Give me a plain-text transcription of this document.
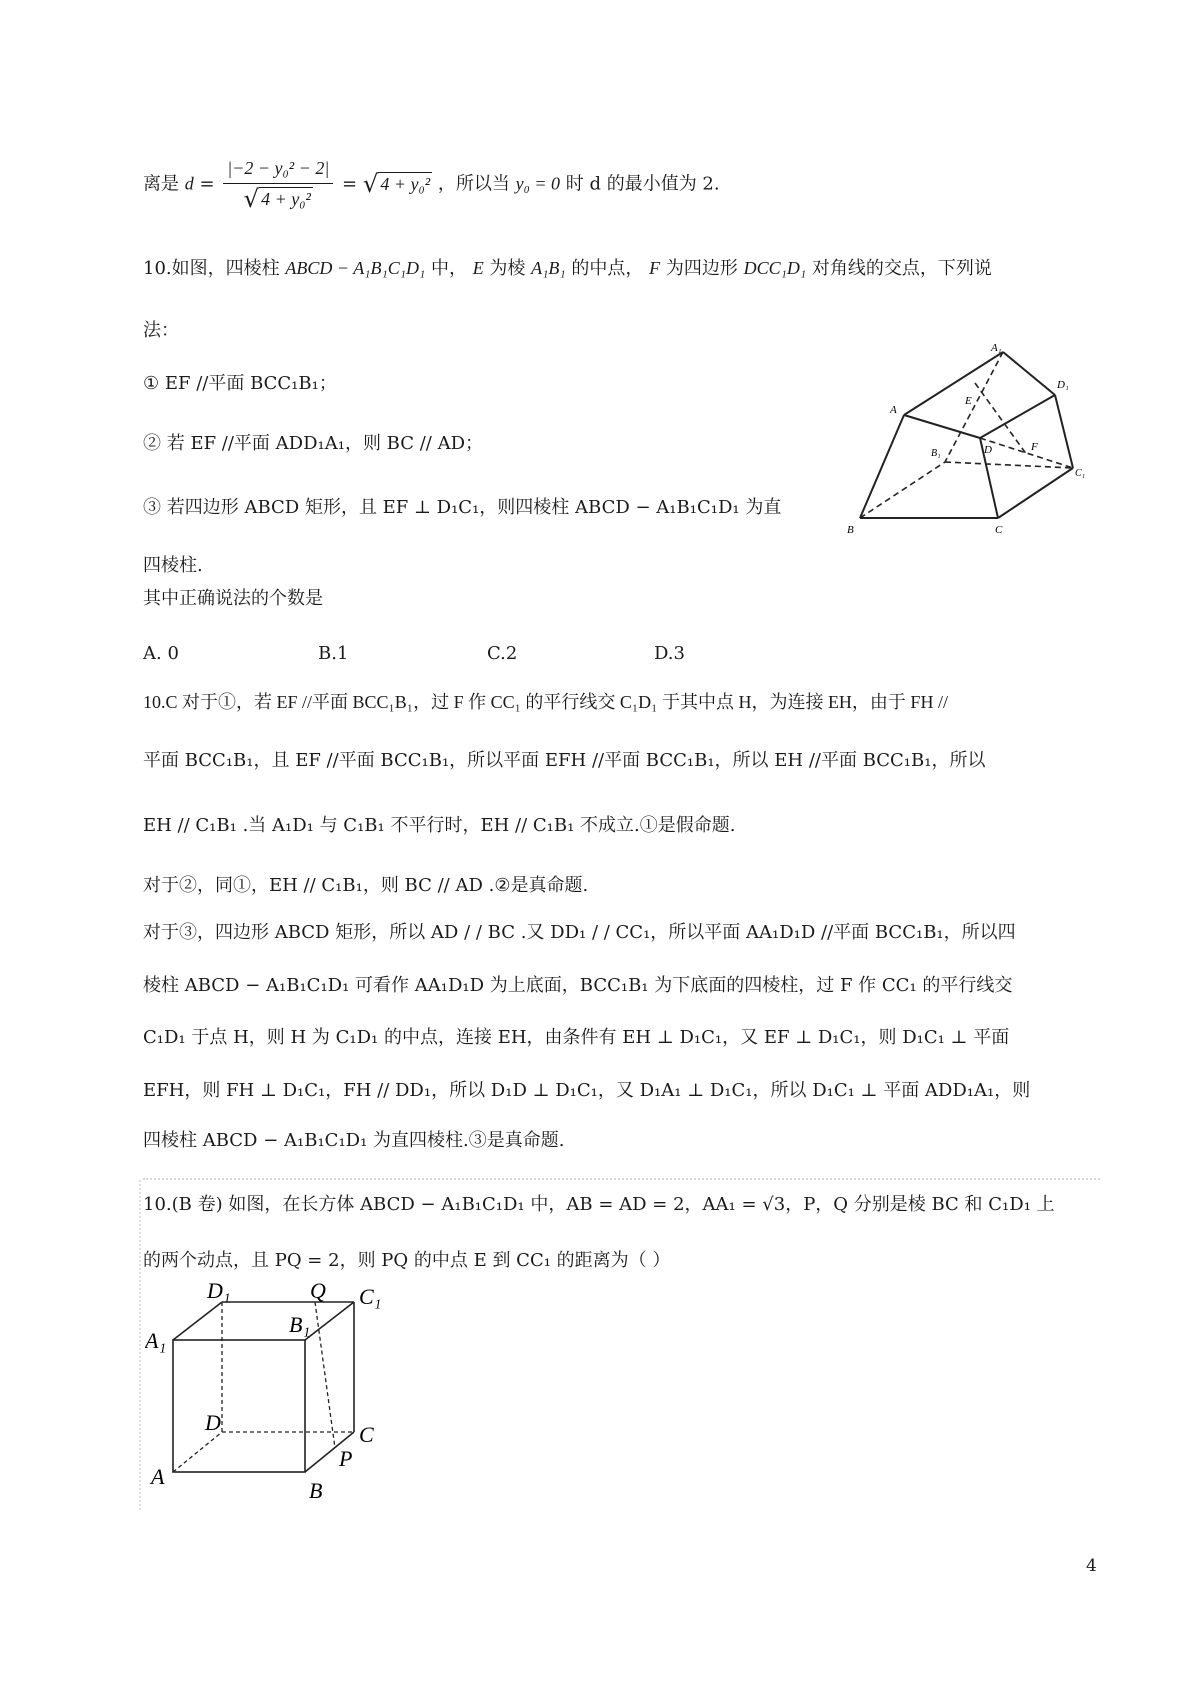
离是 $d = \frac{\text{|−2 − y₀² − 2|}}{\text{√ 4 + y₀²}}$ = √ 4 + y₀² ，所以当 y₀ = 0 时 d 的最小值为 2.
10.如图，四棱柱 ABCD − A₁B₁C₁D₁ 中， E 为棱 A₁B₁ 的中点， F 为四边形 DCC₁D₁ 对角线的交点，下列说
法：
① EF //平面 BCC₁B₁；
② 若 EF //平面 ADD₁A₁，则 BC // AD；
③ 若四边形 ABCD 矩形，且 EF ⊥ D₁C₁，则四棱柱 ABCD − A₁B₁C₁D₁ 为直
四棱柱.
其中正确说法的个数是
A. 0	B.1	C.2	D.3
A₁
D₁
A
E
D	F
B₁
C₁
B	C
10.C 对于①，若 EF //平面 BCC₁B₁，过 F 作 CC₁ 的平行线交 C₁D₁ 于其中点 H，为连接 EH，由于 FH //
平面 BCC₁B₁，且 EF //平面 BCC₁B₁，所以平面 EFH //平面 BCC₁B₁，所以 EH //平面 BCC₁B₁，所以
EH // C₁B₁ .当 A₁D₁ 与 C₁B₁ 不平行时，EH // C₁B₁ 不成立.①是假命题.
对于②，同①，EH // C₁B₁，则 BC // AD .②是真命题.
对于③，四边形 ABCD 矩形，所以 AD / / BC .又 DD₁ / / CC₁，所以平面 AA₁D₁D //平面 BCC₁B₁，所以四
棱柱 ABCD − A₁B₁C₁D₁ 可看作 AA₁D₁D 为上底面，BCC₁B₁ 为下底面的四棱柱，过 F 作 CC₁ 的平行线交
C₁D₁ 于点 H，则 H 为 C₁D₁ 的中点，连接 EH，由条件有 EH ⊥ D₁C₁，又 EF ⊥ D₁C₁，则 D₁C₁ ⊥ 平面
EFH，则 FH ⊥ D₁C₁，FH // DD₁，所以 D₁D ⊥ D₁C₁，又 D₁A₁ ⊥ D₁C₁，所以 D₁C₁ ⊥ 平面 ADD₁A₁，则
四棱柱 ABCD − A₁B₁C₁D₁ 为直四棱柱.③是真命题.
10.(B 卷) 如图，在长方体 ABCD − A₁B₁C₁D₁ 中，AB = AD = 2，AA₁ = √3，P，Q 分别是棱 BC 和 C₁D₁ 上
的两个动点，且 PQ = 2，则 PQ 的中点 E 到 CC₁ 的距离为（ ）
D₁	Q C₁
A₁
B₁
D	C
P
A
B
4
